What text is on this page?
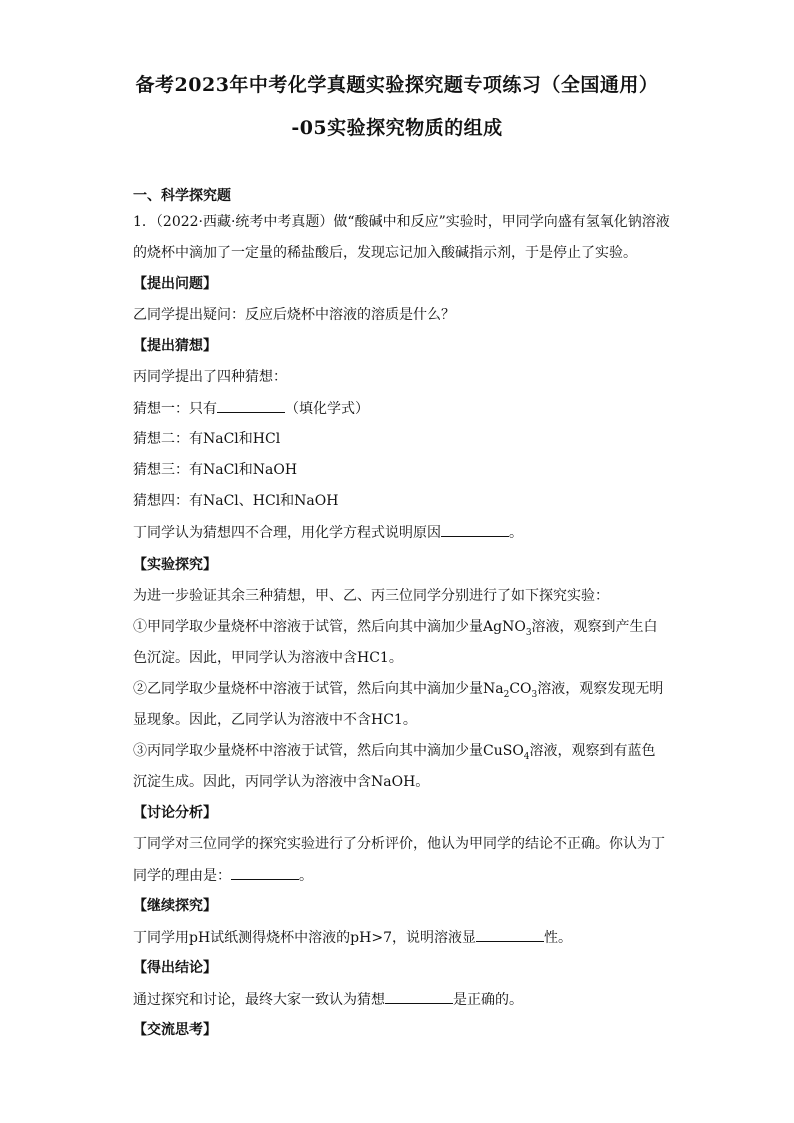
备考2023年中考化学真题实验探究题专项练习（全国通用）
-05实验探究物质的组成
一、科学探究题
1．（2022·西藏·统考中考真题）做“酸碱中和反应”实验时，甲同学向盛有氢氧化钠溶液
的烧杯中滴加了一定量的稀盐酸后，发现忘记加入酸碱指示剂，于是停止了实验。
【提出问题】
乙同学提出疑问：反应后烧杯中溶液的溶质是什么？
【提出猜想】
丙同学提出了四种猜想：
猜想一：只有	（填化学式）
猜想二：有NaCl和HCl
猜想三：有NaCl和NaOH
猜想四：有NaCl、HCl和NaOH
丁同学认为猜想四不合理，用化学方程式说明原因	。
【实验探究】
为进一步验证其余三种猜想，甲、乙、丙三位同学分别进行了如下探究实验：
①甲同学取少量烧杯中溶液于试管，然后向其中滴加少量AgNO$_3$溶液，观察到产生白
色沉淀。因此，甲同学认为溶液中含HC1。
②乙同学取少量烧杯中溶液于试管，然后向其中滴加少量$Na_2CO_3$溶液，观察发现无明
显现象。因此，乙同学认为溶液中不含HC1。
③丙同学取少量烧杯中溶液于试管，然后向其中滴加少量CuSO$_4$溶液，观察到有蓝色
沉淀生成。因此，丙同学认为溶液中含NaOH。
【讨论分析】
丁同学对三位同学的探究实验进行了分析评价，他认为甲同学的结论不正确。你认为丁
同学的理由是：	。
【继续探究】
丁同学用pH试纸测得烧杯中溶液的pH>7，说明溶液显	性。
【得出结论】
通过探究和讨论，最终大家一致认为猜想	是正确的。
【交流思考】
